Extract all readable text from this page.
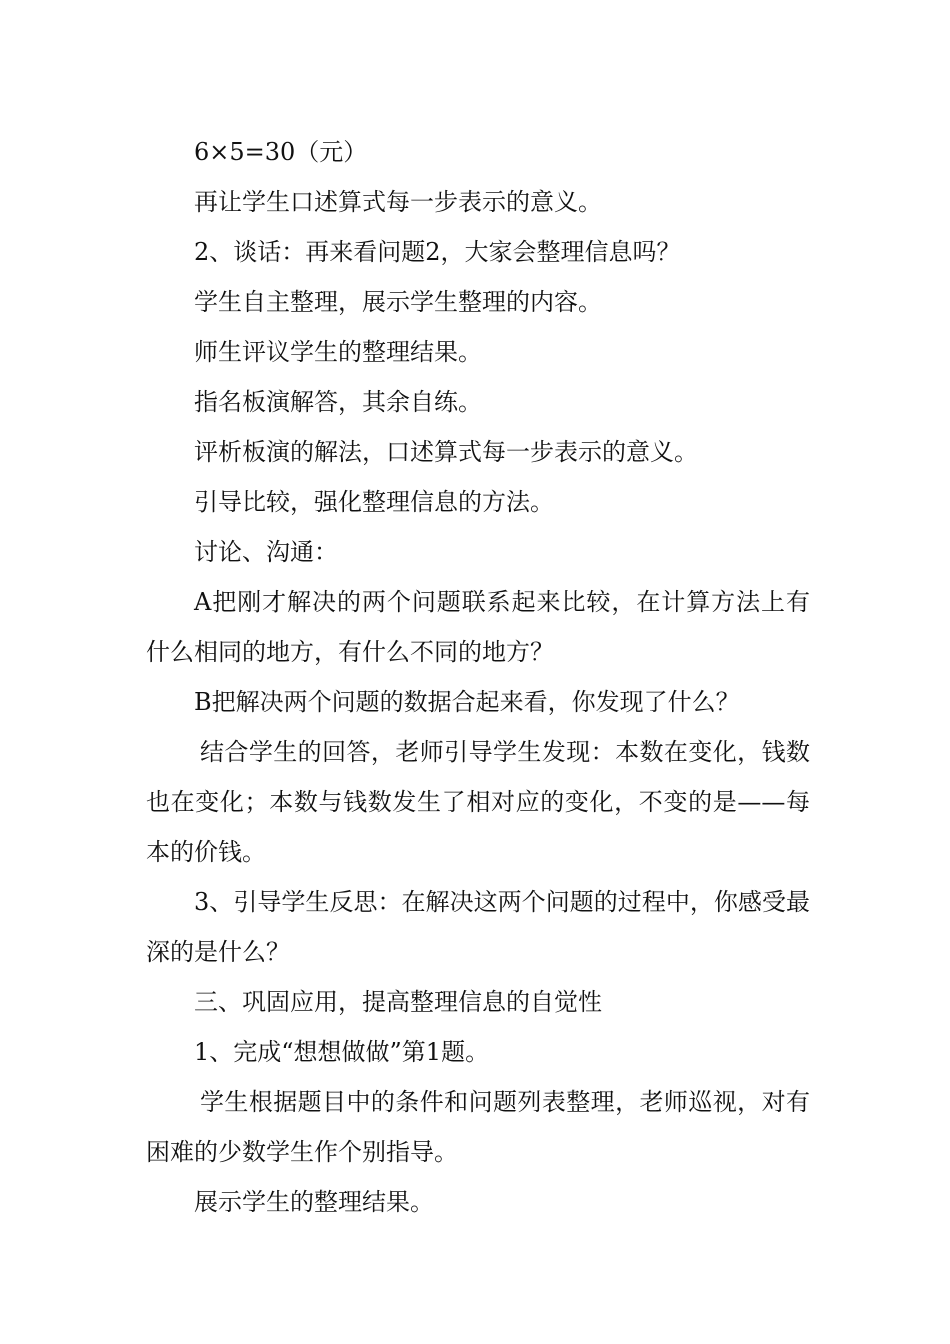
6×5=30（元）

再让学生口述算式每一步表示的意义。

2、谈话：再来看问题2，大家会整理信息吗？

学生自主整理，展示学生整理的内容。

师生评议学生的整理结果。

指名板演解答，其余自练。

评析板演的解法，口述算式每一步表示的意义。

引导比较，强化整理信息的方法。

讨论、沟通：

A把刚才解决的两个问题联系起来比较，在计算方法上有什么相同的地方，有什么不同的地方？

B把解决两个问题的数据合起来看，你发现了什么？

结合学生的回答，老师引导学生发现：本数在变化，钱数也在变化；本数与钱数发生了相对应的变化，不变的是——每本的价钱。

3、引导学生反思：在解决这两个问题的过程中，你感受最深的是什么？

三、巩固应用，提高整理信息的自觉性

1、完成“想想做做”第1题。

学生根据题目中的条件和问题列表整理，老师巡视，对有困难的少数学生作个别指导。

展示学生的整理结果。
